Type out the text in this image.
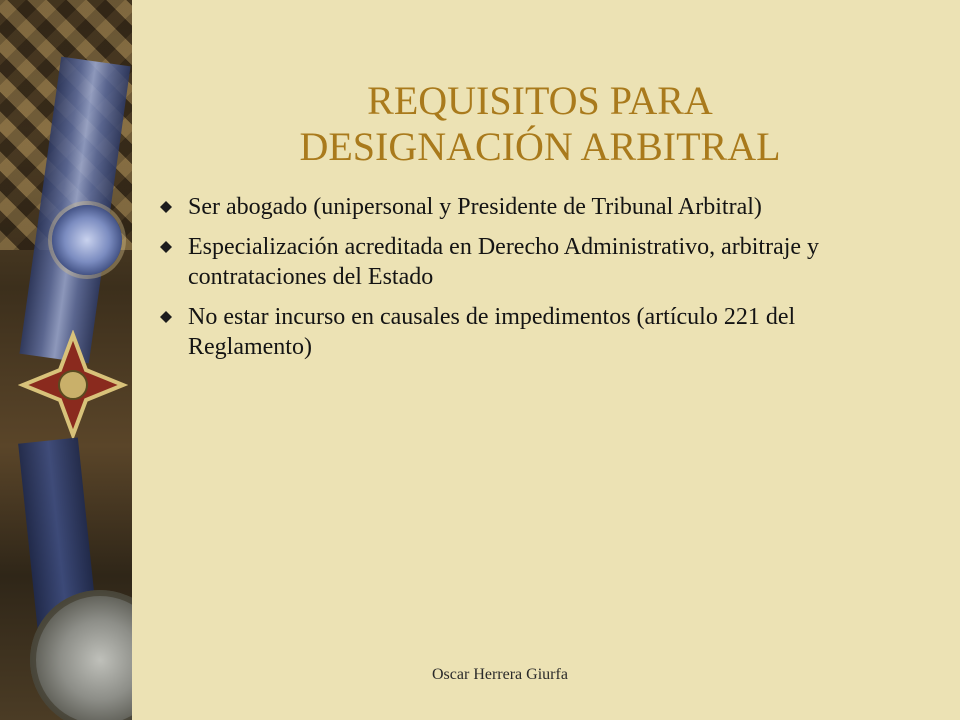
REQUISITOS PARA
DESIGNACIÓN ARBITRAL
Ser abogado (unipersonal y Presidente de Tribunal Arbitral)
Especialización acreditada en Derecho Administrativo, arbitraje y contrataciones del Estado
No estar incurso en causales de impedimentos (artículo 221 del Reglamento)
Oscar Herrera Giurfa
